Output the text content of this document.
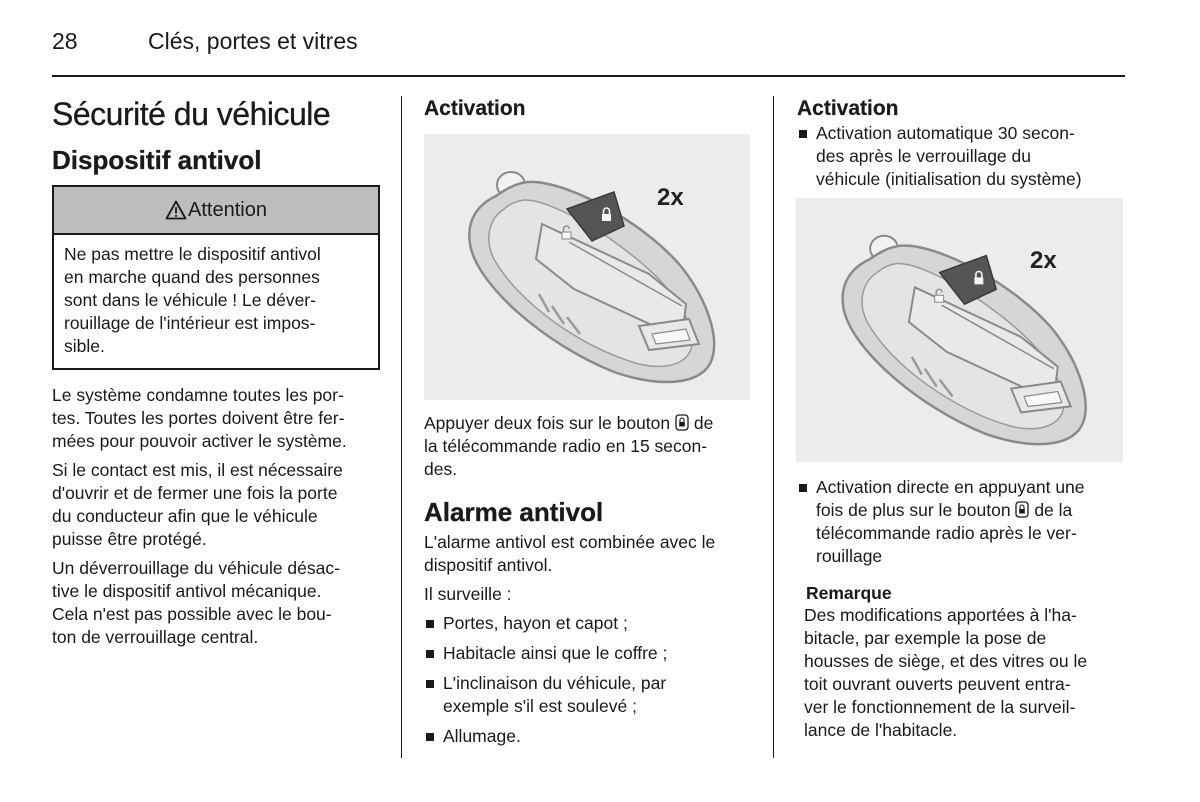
28	Clés, portes et vitres
Sécurité du véhicule
Dispositif antivol
Attention

Ne pas mettre le dispositif antivol

en marche quand des personnes

sont dans le véhicule ! Le déver-

rouillage de l'intérieur est impos-

sible.

Le système condamne toutes les por-

tes. Toutes les portes doivent être fer-

mées pour pouvoir activer le système.

Si le contact est mis, il est nécessaire

d'ouvrir et de fermer une fois la porte

du conducteur afin que le véhicule

puisse être protégé.

Un déverrouillage du véhicule désac-

tive le dispositif antivol mécanique.

Cela n'est pas possible avec le bou-

ton de verrouillage central.

Activation
2x

Appuyer deux fois sur le bouton de

la télécommande radio en 15 secon-

des.

Alarme antivol

L'alarme antivol est combinée avec le

dispositif antivol.

Il surveille :

Portes, hayon et capot ;
Habitacle ainsi que le coffre ;
L'inclinaison du véhicule, par
exemple s'il est soulevé ;
Allumage.
Activation
Activation automatique 30 secon-
des après le verrouillage du
véhicule (initialisation du système)
2x
Activation directe en appuyant une
fois de plus sur le bouton de la
télécommande radio après le ver-
rouillage
Remarque

Des modifications apportées à l'ha-

bitacle, par exemple la pose de

housses de siège, et des vitres ou le

toit ouvrant ouverts peuvent entra-

ver le fonctionnement de la surveil-

lance de l'habitacle.
